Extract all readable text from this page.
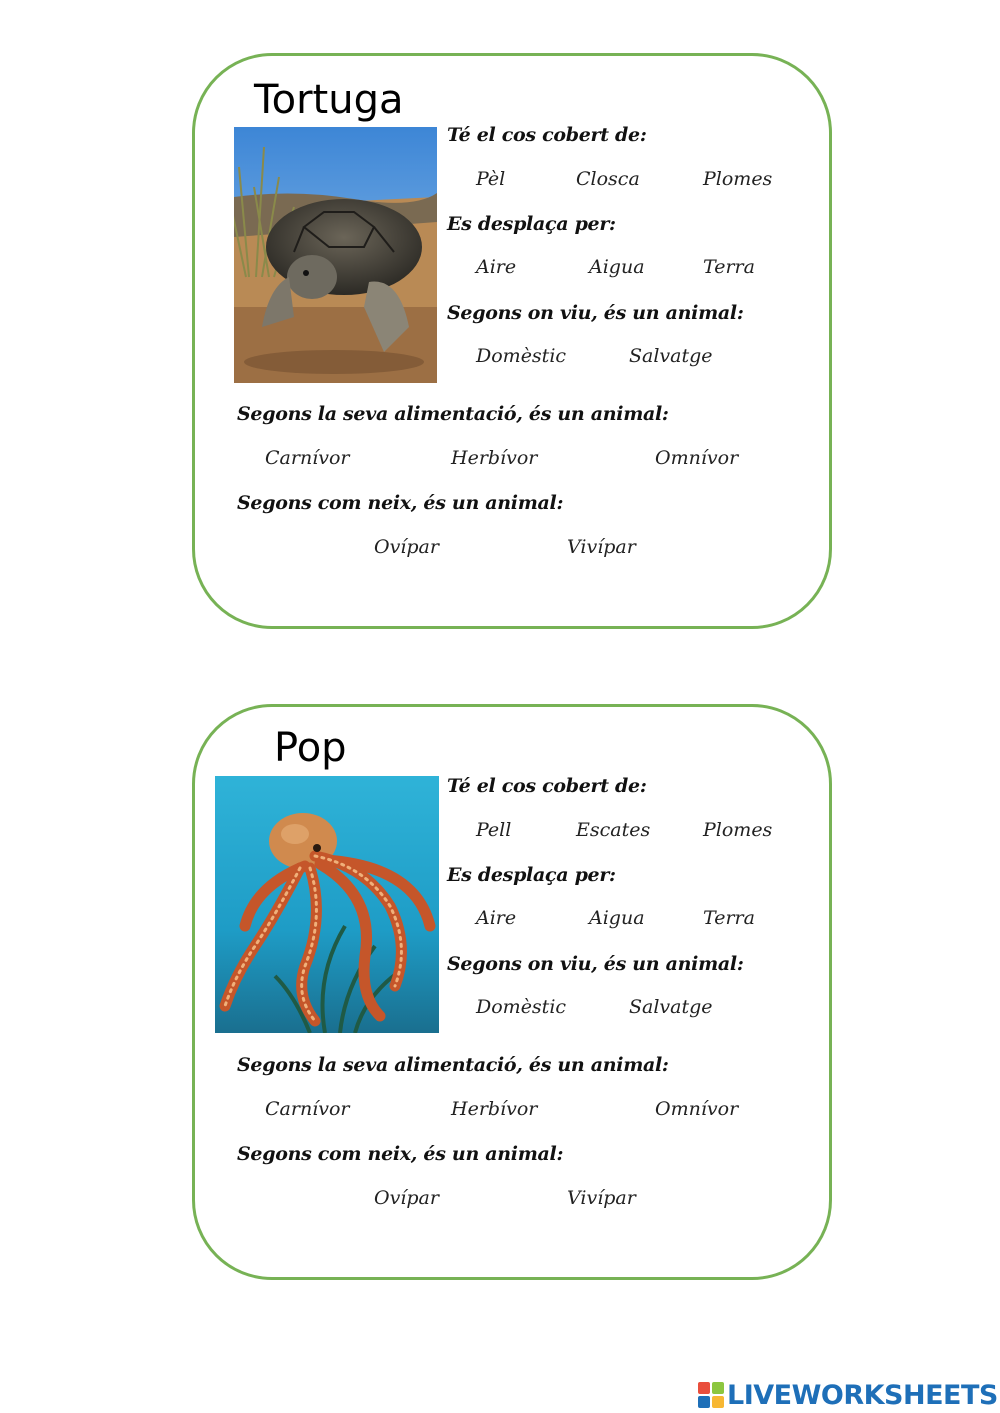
Tortuga
Té el cos cobert de:
Pèl	Closca	Plomes
Es desplaça per:
Aire	Aigua	Terra
Segons on viu, és un animal:
Domèstic	Salvatge
Segons la seva alimentació, és un animal:
Carnívor	Herbívor	Omnívor
Segons com neix, és un animal:
Ovípar	Vivípar
Pop
Té el cos cobert de:
Pell	Escates	Plomes
Es desplaça per:
Aire	Aigua	Terra
Segons on viu, és un animal:
Domèstic	Salvatge
Segons la seva alimentació, és un animal:
Carnívor	Herbívor	Omnívor
Segons com neix, és un animal:
Ovípar	Vivípar
LIVEWORKSHEETS
